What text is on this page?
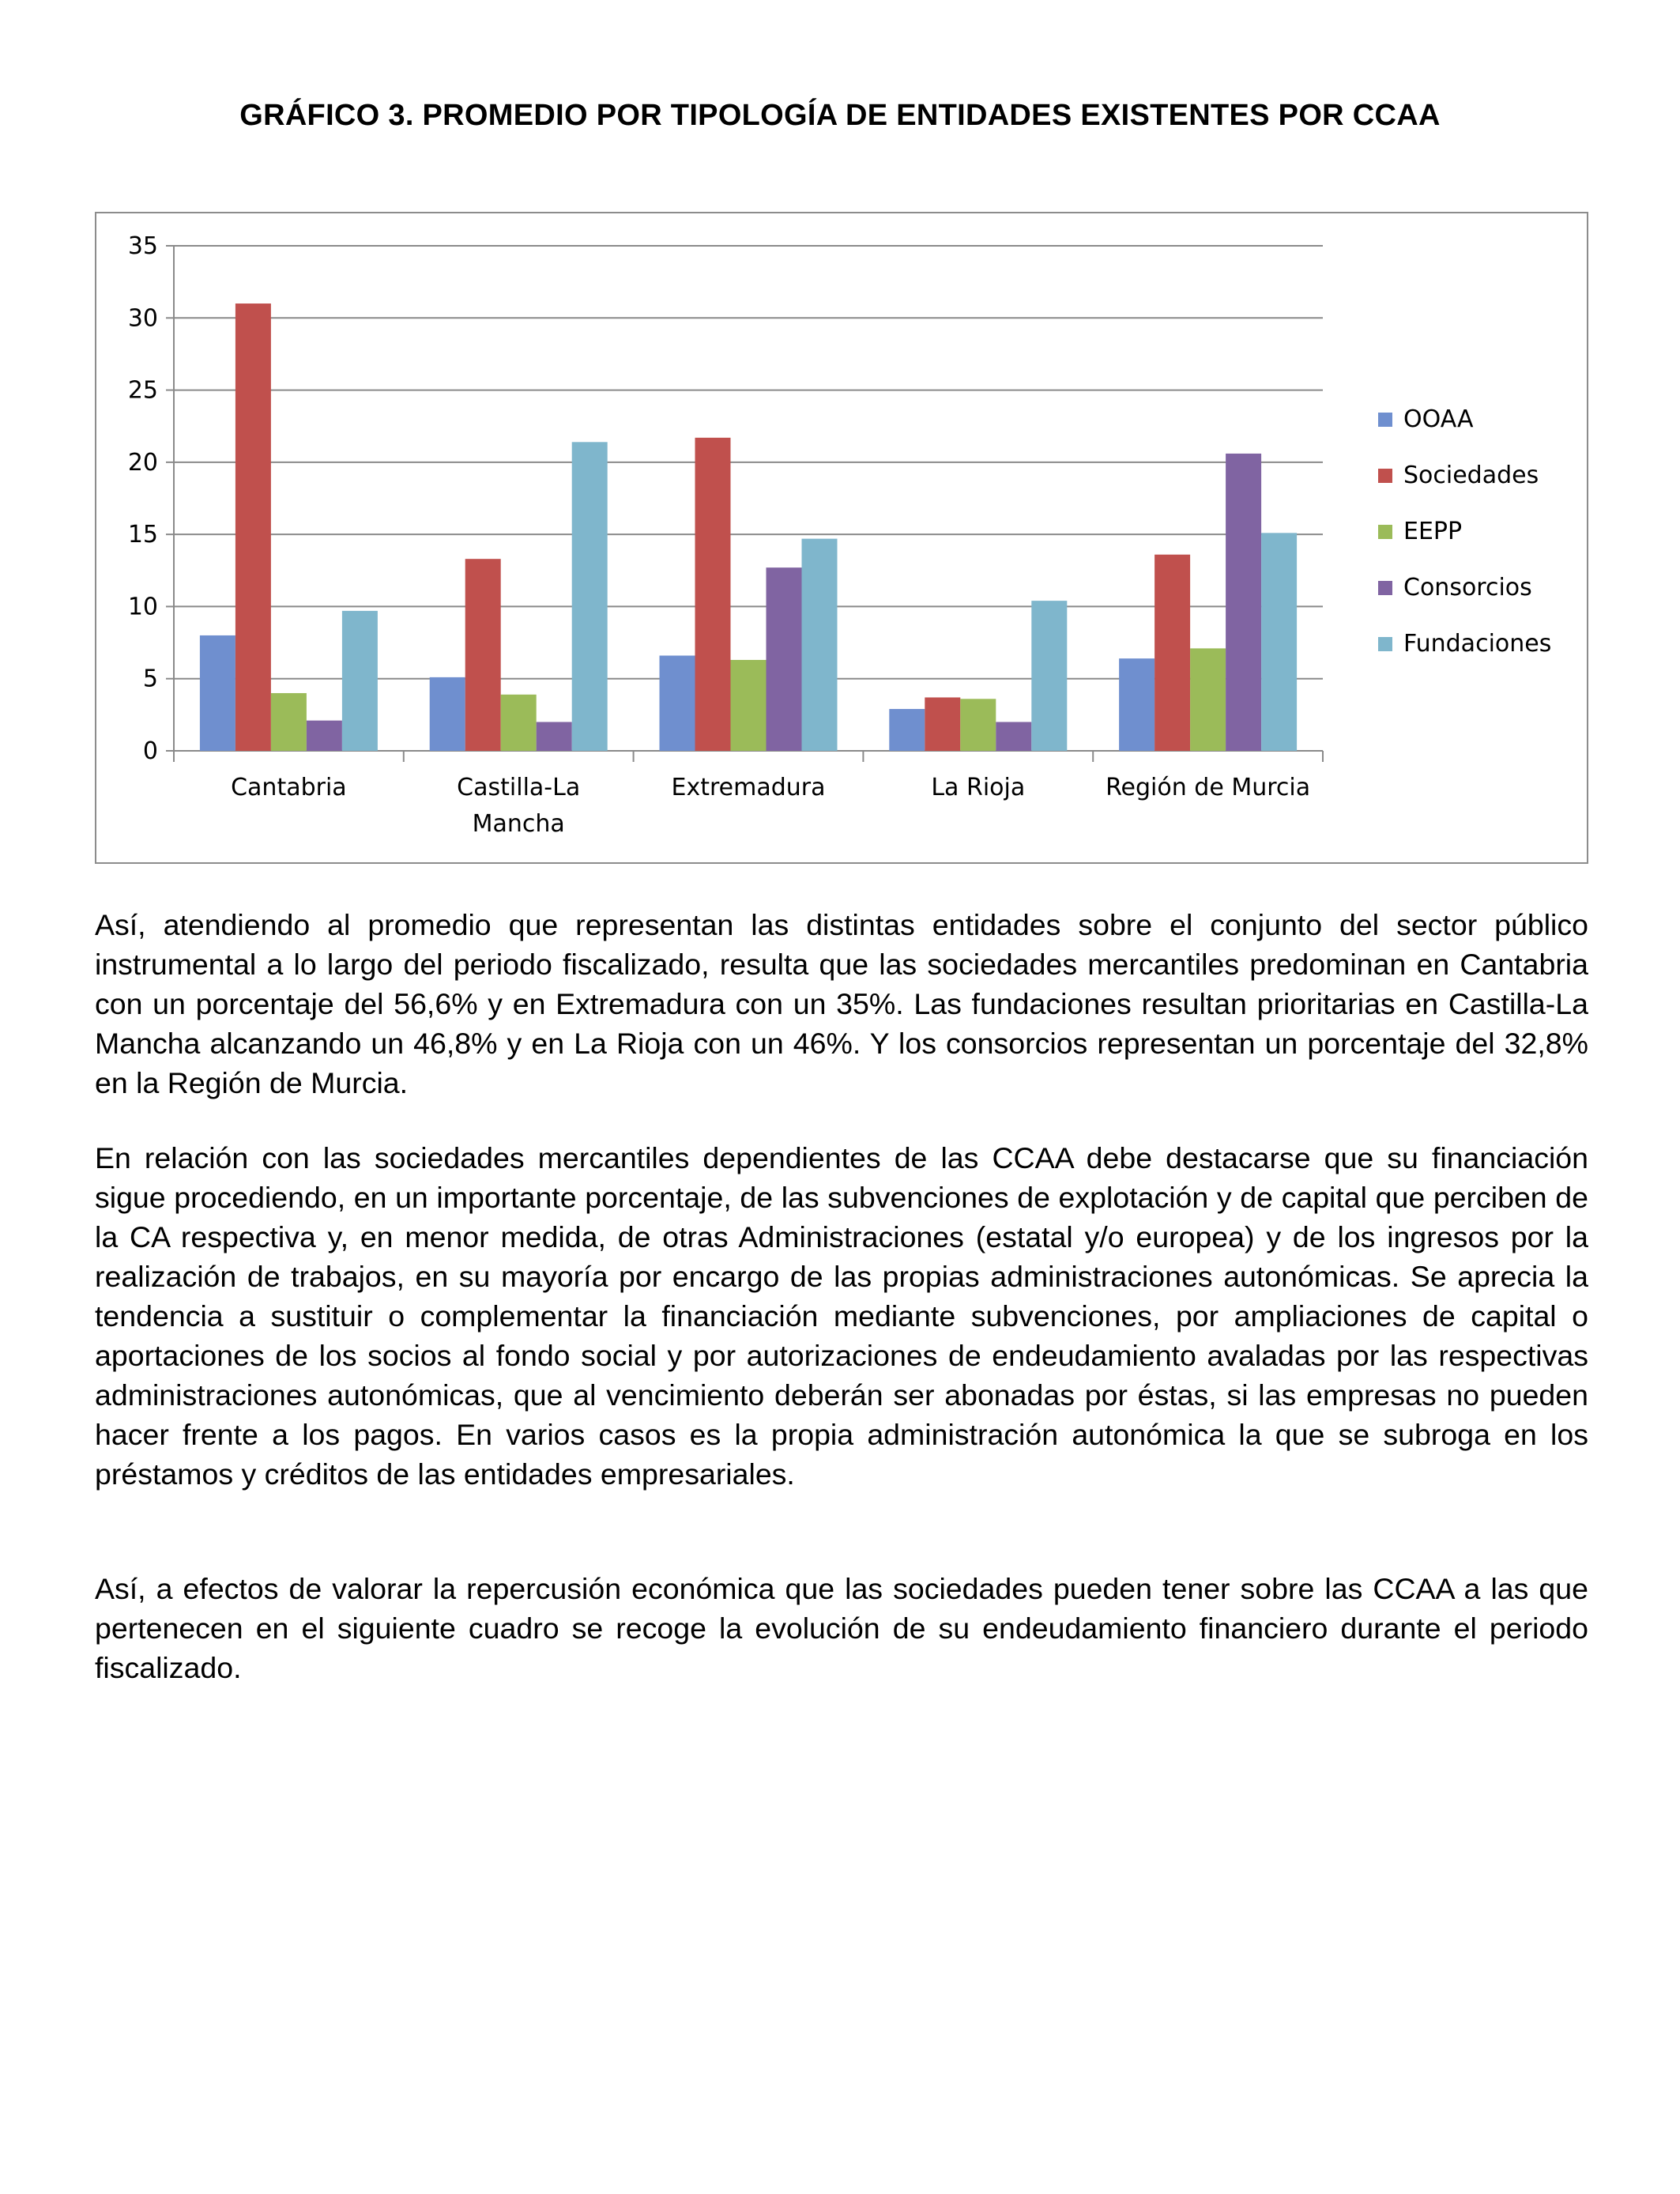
GRÁFICO 3. PROMEDIO POR TIPOLOGÍA DE ENTIDADES EXISTENTES POR CCAA
0
5
10
15
20
25
30
35
Cantabria	Castilla-La
Mancha
Extremadura	La Rioja	Región de Murcia
OOAA
Sociedades
EEPP
Consorcios
Fundaciones

Así, atendiendo al promedio que representan las distintas entidades sobre el conjunto del sector público instrumental a lo largo del periodo fiscalizado, resulta que las sociedades mercantiles predominan en Cantabria con un porcentaje del 56,6% y en Extremadura con un 35%. Las fundaciones resultan prioritarias en Castilla-La Mancha alcanzando un 46,8% y en La Rioja con un 46%. Y los consorcios representan un porcentaje del 32,8% en la Región de Murcia.

En relación con las sociedades mercantiles dependientes de las CCAA debe destacarse que su financiación sigue procediendo, en un importante porcentaje, de las subvenciones de explotación y de capital que perciben de la CA respectiva y, en menor medida, de otras Administraciones (estatal y/o europea) y de los ingresos por la realización de trabajos, en su mayoría por encargo de las propias administraciones autonómicas. Se aprecia la tendencia a sustituir o complementar la financiación mediante subvenciones, por ampliaciones de capital o aportaciones de los socios al fondo social y por autorizaciones de endeudamiento avaladas por las respectivas administraciones autonómicas, que al vencimiento deberán ser abonadas por éstas, si las empresas no pueden hacer frente a los pagos. En varios casos es la propia administración autonómica la que se subroga en los préstamos y créditos de las entidades empresariales.

Así, a efectos de valorar la repercusión económica que las sociedades pueden tener sobre las CCAA a las que pertenecen en el siguiente cuadro se recoge la evolución de su endeudamiento financiero durante el periodo fiscalizado.
